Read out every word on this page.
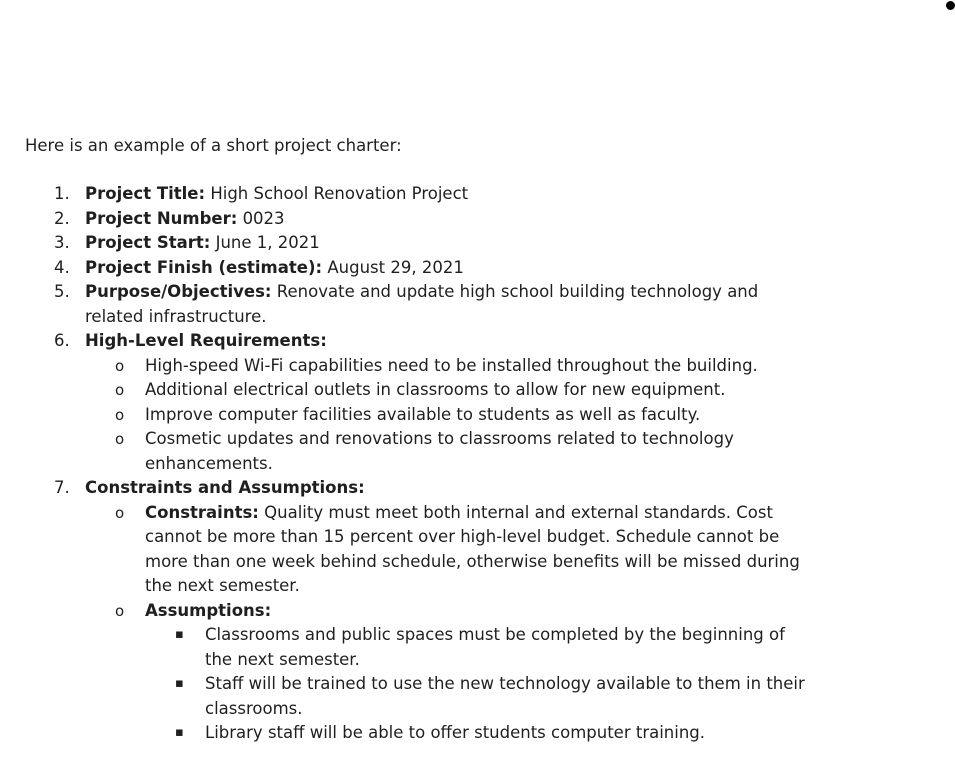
Here is an example of a short project charter:

1. Project Title: High School Renovation Project
2. Project Number: 0023
3. Project Start: June 1, 2021
4. Project Finish (estimate): August 29, 2021
5. Purpose/Objectives: Renovate and update high school building technology and related infrastructure.
6. High-Level Requirements:
o High-speed Wi-Fi capabilities need to be installed throughout the building.
o Additional electrical outlets in classrooms to allow for new equipment.
o Improve computer facilities available to students as well as faculty.
o Cosmetic updates and renovations to classrooms related to technology enhancements.
7. Constraints and Assumptions:
o Constraints: Quality must meet both internal and external standards. Cost cannot be more than 15 percent over high-level budget. Schedule cannot be more than one week behind schedule, otherwise benefits will be missed during the next semester.
o Assumptions:
▪ Classrooms and public spaces must be completed by the beginning of the next semester.
▪ Staff will be trained to use the new technology available to them in their classrooms.
▪ Library staff will be able to offer students computer training.
